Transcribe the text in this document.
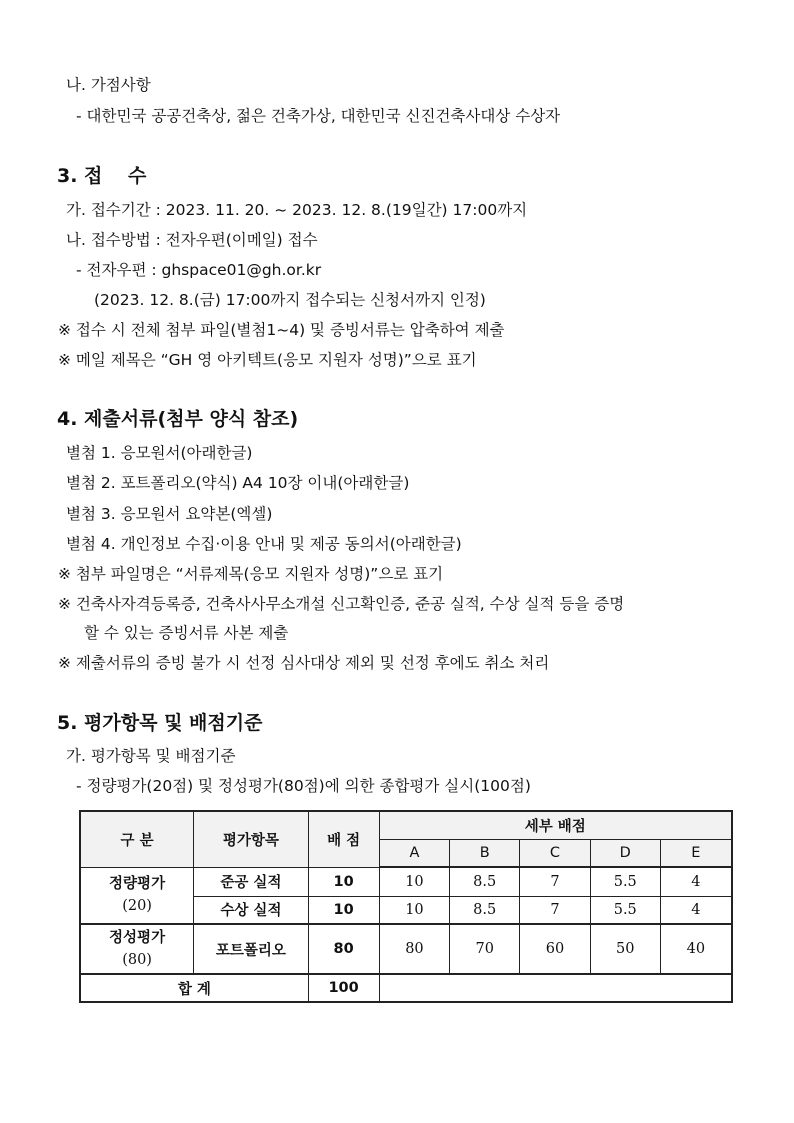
나. 가점사항
- 대한민국 공공건축상, 젊은 건축가상, 대한민국 신진건축사대상 수상자
3. 접　 수
가. 접수기간 : 2023. 11. 20. ~ 2023. 12. 8.(19일간) 17:00까지
나. 접수방법 : 전자우편(이메일) 접수
- 전자우편 : ghspace01@gh.or.kr
(2023. 12. 8.(금) 17:00까지 접수되는 신청서까지 인정)
※ 접수 시 전체 첨부 파일(별첨1~4) 및 증빙서류는 압축하여 제출
※ 메일 제목은 “GH 영 아키텍트(응모 지원자 성명)”으로 표기
4. 제출서류(첨부 양식 참조)
별첨 1. 응모원서(아래한글)
별첨 2. 포트폴리오(약식) A4 10장 이내(아래한글)
별첨 3. 응모원서 요약본(엑셀)
별첨 4. 개인정보 수집·이용 안내 및 제공 동의서(아래한글)
※ 첨부 파일명은 “서류제목(응모 지원자 성명)”으로 표기
※ 건축사자격등록증, 건축사사무소개설 신고확인증, 준공 실적, 수상 실적 등을 증명
할 수 있는 증빙서류 사본 제출
※ 제출서류의 증빙 불가 시 선정 심사대상 제외 및 선정 후에도 취소 처리
5. 평가항목 및 배점기준
가. 평가항목 및 배점기준
- 정량평가(20점) 및 정성평가(80점)에 의한 종합평가 실시(100점)
구 분	평가항목	배 점	세부 배점				
			A	B	C	D	E

정량평가
(20)	준공 실적	10	10	8.5	7	5.5	4
	수상 실적	10	10	8.5	7	5.5	4

정성평가
(80)	포트폴리오	80	80	70	60	50	40
합 계		100					
